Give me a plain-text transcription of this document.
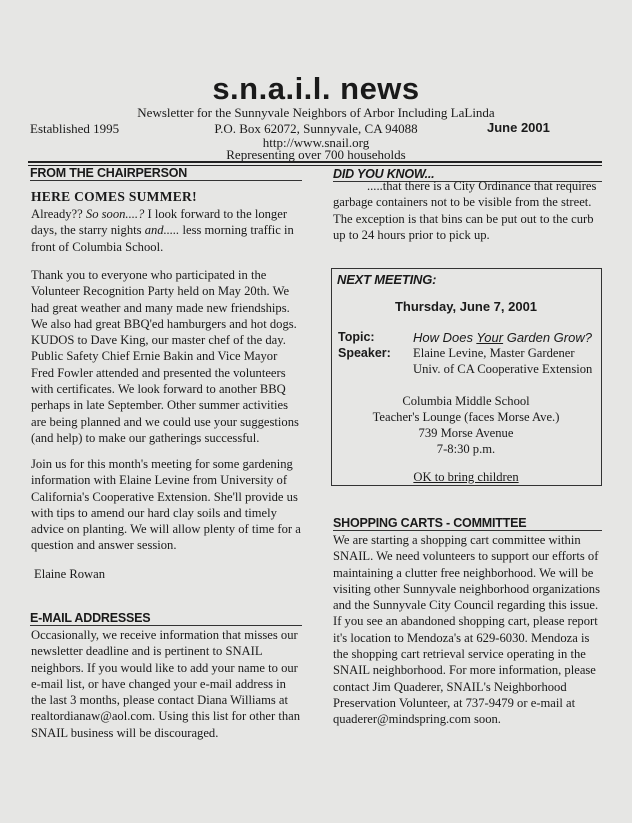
s.n.a.i.l. news
Newsletter for the Sunnyvale Neighbors of Arbor Including LaLinda
Established 1995	P.O. Box 62072, Sunnyvale, CA 94088	June 2001
http://www.snail.org
Representing over 700 households
FROM THE CHAIRPERSON
HERE COMES SUMMER!

Already?? So soon....? I look forward to the longer days, the starry nights and..... less morning traffic in front of Columbia School.

Thank you to everyone who participated in the Volunteer Recognition Party held on May 20th. We had great weather and many made new friendships. We also had great BBQ'ed hamburgers and hot dogs. KUDOS to Dave King, our master chef of the day. Public Safety Chief Ernie Bakin and Vice Mayor Fred Fowler attended and presented the volunteers with certificates. We look forward to another BBQ perhaps in late September. Other summer activities are being planned and we could use your suggestions (and help) to make our gatherings successful.

Join us for this month's meeting for some gardening information with Elaine Levine from University of California's Cooperative Extension. She'll provide us with tips to amend our hard clay soils and timely advice on planting. We will allow plenty of time for a question and answer session.

Elaine Rowan
E-MAIL ADDRESSES

Occasionally, we receive information that misses our newsletter deadline and is pertinent to SNAIL neighbors. If you would like to add your name to our e-mail list, or have changed your e-mail address in the last 3 months, please contact Diana Williams at realtordianaw@aol.com. Using this list for other than SNAIL business will be discouraged.

DID YOU KNOW...

.....that there is a City Ordinance that requires garbage containers not to be visible from the street. The exception is that bins can be put out to the curb up to 24 hours prior to pick up.

NEXT MEETING:
Thursday, June 7, 2001
Topic:	How Does Your Garden Grow?
Speaker: Elaine Levine, Master Gardener
Univ. of CA Cooperative Extension
Columbia Middle School
Teacher's Lounge (faces Morse Ave.)
739 Morse Avenue
7-8:30 p.m.
OK to bring children
SHOPPING CARTS - COMMITTEE

We are starting a shopping cart committee within SNAIL. We need volunteers to support our efforts of maintaining a clutter free neighborhood. We will be visiting other Sunnyvale neighborhood organizations and the Sunnyvale City Council regarding this issue. If you see an abandoned shopping cart, please report it's location to Mendoza's at 629-6030. Mendoza is the shopping cart retrieval service operating in the SNAIL neighborhood. For more information, please contact Jim Quaderer, SNAIL's Neighborhood Preservation Volunteer, at 737-9479 or e-mail at quaderer@mindspring.com soon.
